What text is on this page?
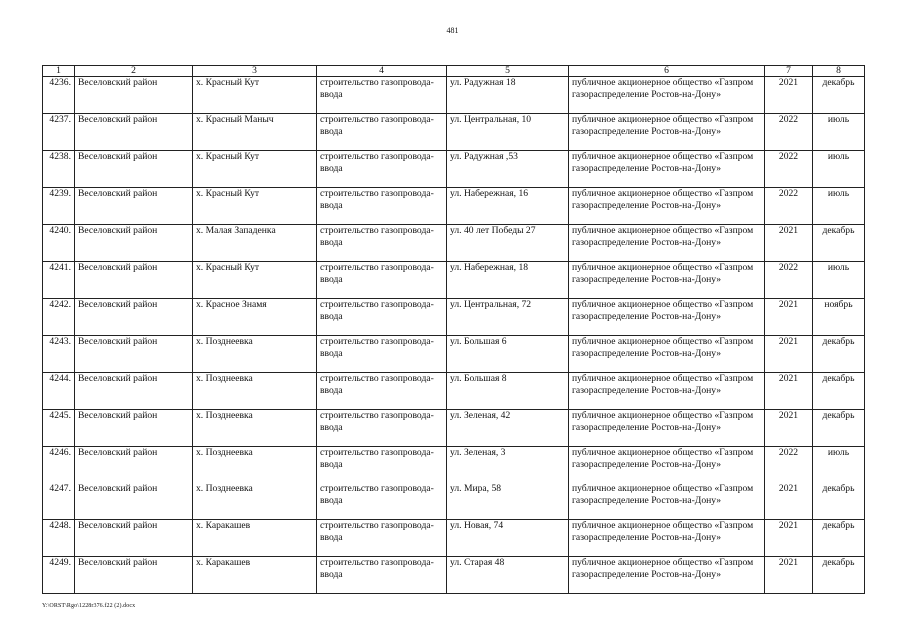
481
1	2	3	4	5	6	7	8
4236.	Веселовский район	х. Красный Кут	строительство газопровода-ввода	ул. Радужная 18	публичное акционерное общество «Газпром газораспределение Ростов-на-Дону»	2021	декабрь
4237.	Веселовский район	х. Красный Маныч	строительство газопровода-ввода	ул. Центральная, 10	публичное акционерное общество «Газпром газораспределение Ростов-на-Дону»	2022	июль
4238.	Веселовский район	х. Красный Кут	строительство газопровода-ввода	ул. Радужная ,53	публичное акционерное общество «Газпром газораспределение Ростов-на-Дону»	2022	июль
4239.	Веселовский район	х. Красный Кут	строительство газопровода-ввода	ул. Набережная, 16	публичное акционерное общество «Газпром газораспределение Ростов-на-Дону»	2022	июль
4240.	Веселовский район	х. Малая Западенка	строительство газопровода-ввода	ул. 40 лет Победы 27	публичное акционерное общество «Газпром газораспределение Ростов-на-Дону»	2021	декабрь
4241.	Веселовский район	х. Красный Кут	строительство газопровода-ввода	ул. Набережная, 18	публичное акционерное общество «Газпром газораспределение Ростов-на-Дону»	2022	июль
4242.	Веселовский район	х. Красное Знамя	строительство газопровода-ввода	ул. Центральная, 72	публичное акционерное общество «Газпром газораспределение Ростов-на-Дону»	2021	ноябрь
4243.	Веселовский район	х. Позднеевка	строительство газопровода-ввода	ул. Большая 6	публичное акционерное общество «Газпром газораспределение Ростов-на-Дону»	2021	декабрь
4244.	Веселовский район	х. Позднеевка	строительство газопровода-ввода	ул. Большая 8	публичное акционерное общество «Газпром газораспределение Ростов-на-Дону»	2021	декабрь
4245.	Веселовский район	х. Позднеевка	строительство газопровода-ввода	ул. Зеленая, 42	публичное акционерное общество «Газпром газораспределение Ростов-на-Дону»	2021	декабрь
4246.	Веселовский район	х. Позднеевка	строительство газопровода-ввода	ул. Зеленая, 3	публичное акционерное общество «Газпром газораспределение Ростов-на-Дону»	2022	июль
4247.	Веселовский район	х. Позднеевка	строительство газопровода-ввода	ул. Мира, 58	публичное акционерное общество «Газпром газораспределение Ростов-на-Дону»	2021	декабрь
4248.	Веселовский район	х. Каракашев	строительство газопровода-ввода	ул. Новая, 74	публичное акционерное общество «Газпром газораспределение Ростов-на-Дону»	2021	декабрь
4249.	Веселовский район	х. Каракашев	строительство газопровода-ввода	ул. Старая 48	публичное акционерное общество «Газпром газораспределение Ростов-на-Дону»	2021	декабрь
Y:\ORST\Rgo\1228r376.f22 (2).docx
